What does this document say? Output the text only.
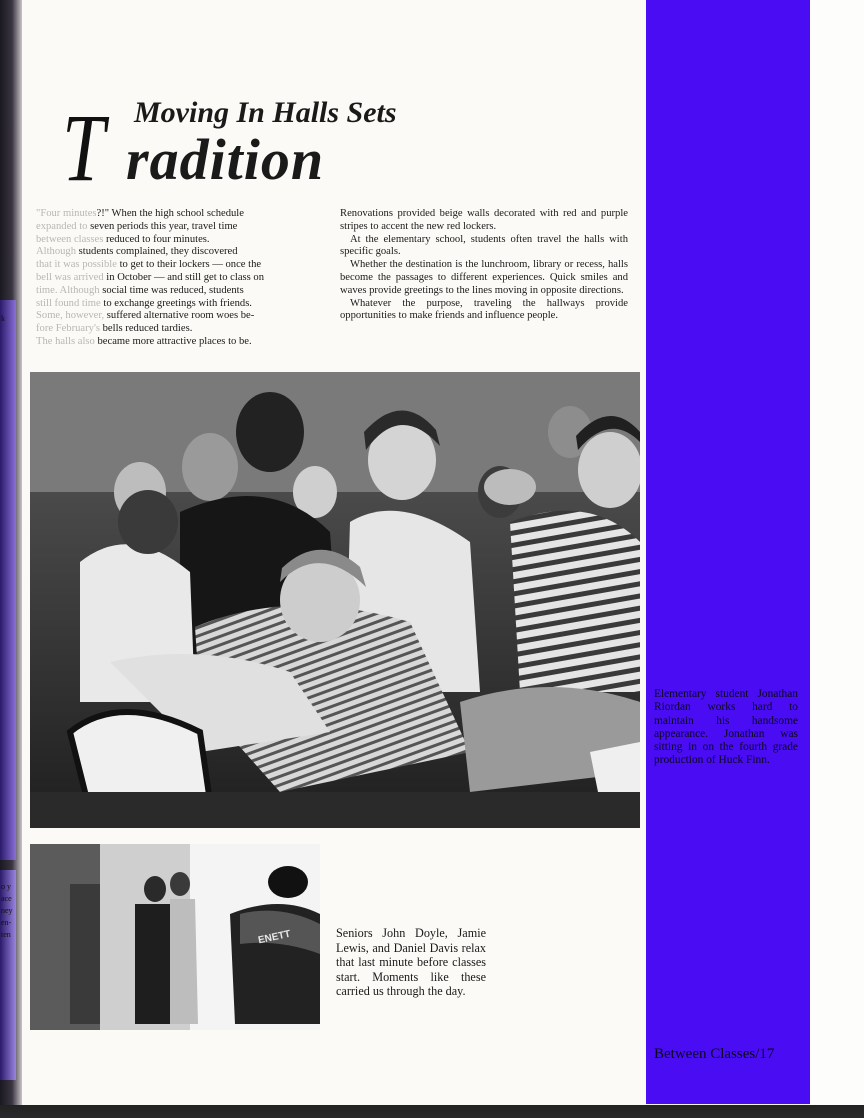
k
o y
ace
ney
en-
ten
T Moving In Halls Sets
radition
"Four minutes?!" When the high school schedule
expanded to seven periods this year, travel time
between classes reduced to four minutes.
Although students complained, they discovered
that it was possible to get to their lockers — once the
bell was arrived in October — and still get to class on
time. Although social time was reduced, students
still found time to exchange greetings with friends.
Some, however, suffered alternative room woes be-
fore February's bells reduced tardies.
The halls also became more attractive places to be.

Renovations provided beige walls decorated with red and purple stripes to accent the new red lockers.

At the elementary school, students often travel the halls with specific goals.

Whether the destination is the lunchroom, library or recess, halls become the passages to different experiences. Quick smiles and waves provide greetings to the lines moving in opposite directions.

Whatever the purpose, traveling the hallways provide opportunities to make friends and influence people.

ENETT
Elementary student Jonathan Riordan works hard to maintain his handsome appearance. Jonathan was sitting in on the fourth grade production of Huck Finn.
Seniors John Doyle, Jamie Lewis, and Daniel Davis relax that last minute before classes start. Moments like these carried us through the day.
Between Classes/17
